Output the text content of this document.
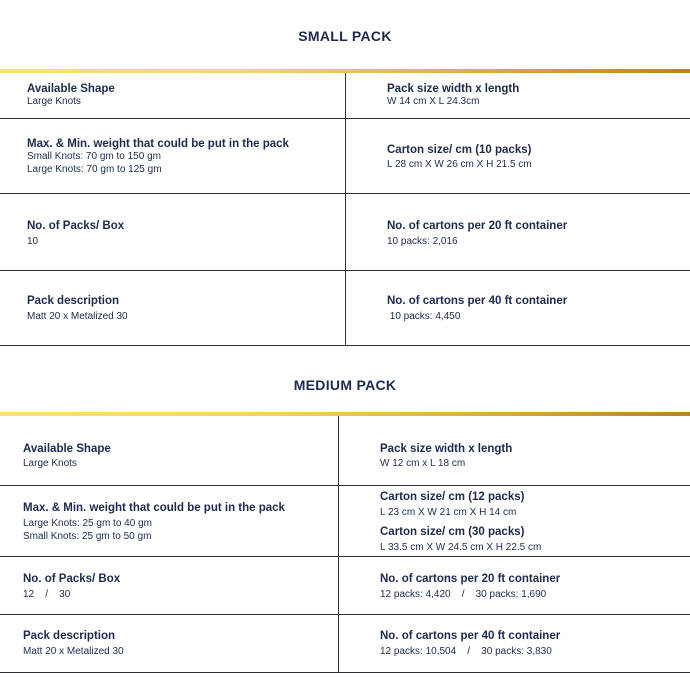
SMALL PACK
Available Shape
Large Knots
Pack size width x length
W 14 cm X L 24.3cm
Max. & Min. weight that could be put in the pack
Small Knots: 70 gm to 150 gm
Large Knots: 70 gm to 125 gm
Carton size/ cm (10 packs)
L 28 cm X W 26 cm X H 21.5 cm
No. of Packs/ Box
10
No. of cartons per 20 ft container
10 packs: 2,016
Pack description
Matt 20 x Metalized 30
No. of cartons per 40 ft container
10 packs: 4,450
MEDIUM PACK
Available Shape
Large Knots
Pack size width x length
W 12 cm x L 18 cm
Max. & Min. weight that could be put in the pack
Large Knots: 25 gm to 40 gm
Small Knots: 25 gm to 50 gm
Carton size/ cm (12 packs)
L 23 cm X W 21 cm X H 14 cm
Carton size/ cm (30 packs)
L 33.5 cm X W 24.5 cm X H 22.5 cm
No. of Packs/ Box
12    /    30
No. of cartons per 20 ft container
12 packs: 4,420    /    30 packs: 1,690
Pack description
Matt 20 x Metalized 30
No. of cartons per 40 ft container
12 packs: 10,504    /    30 packs: 3,830
